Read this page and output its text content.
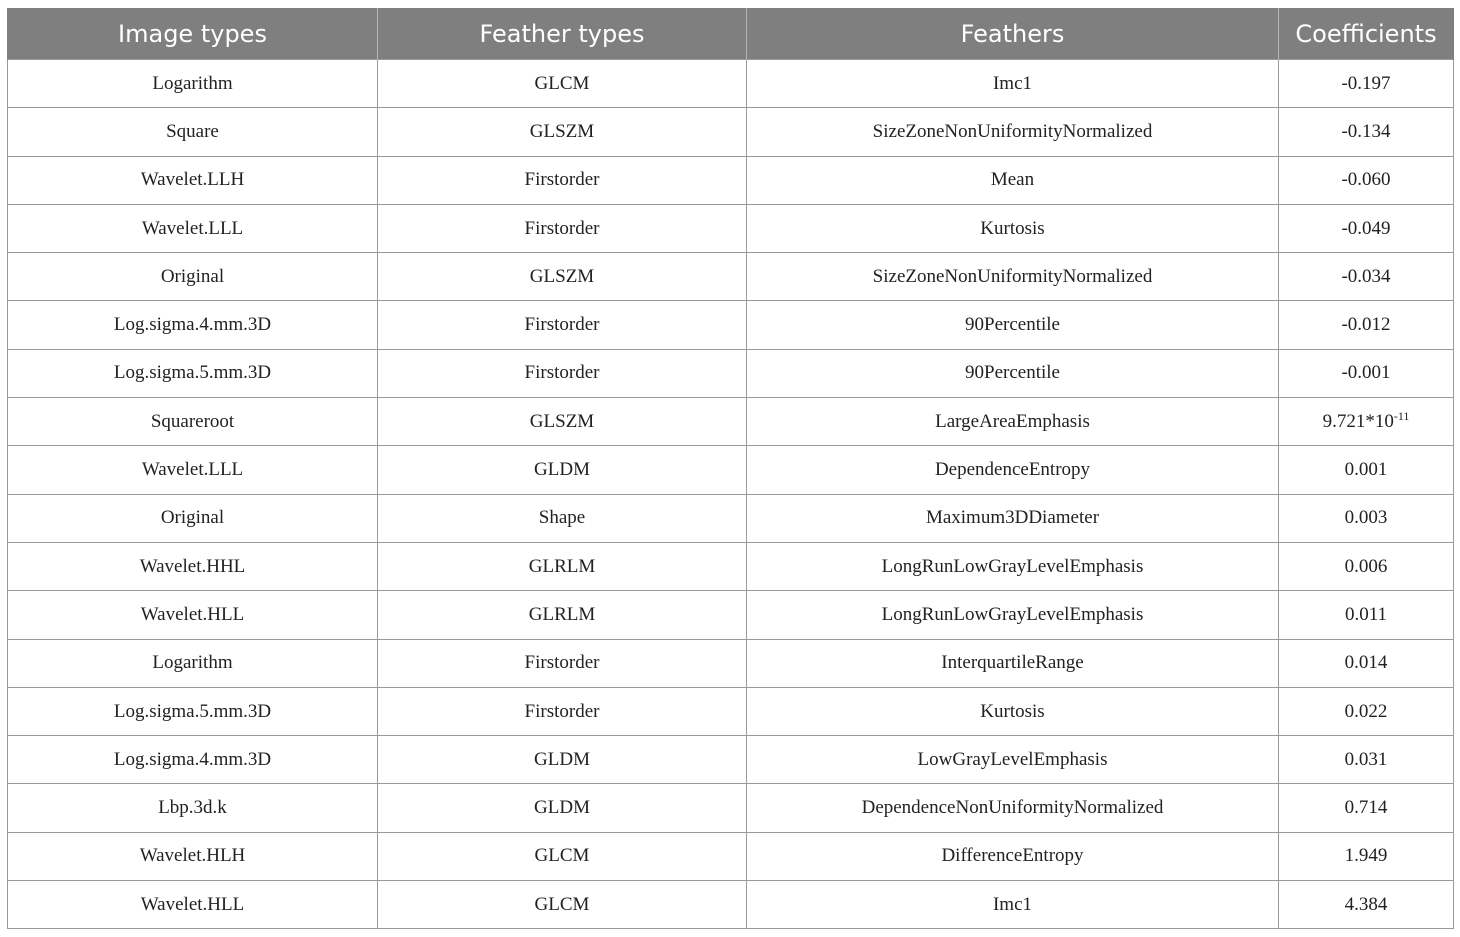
Image types	Feather types	Feathers	Coefficients
Logarithm	GLCM	Imc1	-0.197
Square	GLSZM	SizeZoneNonUniformityNormalized	-0.134
Wavelet.LLH	Firstorder	Mean	-0.060
Wavelet.LLL	Firstorder	Kurtosis	-0.049
Original	GLSZM	SizeZoneNonUniformityNormalized	-0.034
Log.sigma.4.mm.3D	Firstorder	90Percentile	-0.012
Log.sigma.5.mm.3D	Firstorder	90Percentile	-0.001
Squareroot	GLSZM	LargeAreaEmphasis	$9.721*10^{-11}$
Wavelet.LLL	GLDM	DependenceEntropy	0.001
Original	Shape	Maximum3DDiameter	0.003
Wavelet.HHL	GLRLM	LongRunLowGrayLevelEmphasis	0.006
Wavelet.HLL	GLRLM	LongRunLowGrayLevelEmphasis	0.011
Logarithm	Firstorder	InterquartileRange	0.014
Log.sigma.5.mm.3D	Firstorder	Kurtosis	0.022
Log.sigma.4.mm.3D	GLDM	LowGrayLevelEmphasis	0.031
Lbp.3d.k	GLDM	DependenceNonUniformityNormalized	0.714
Wavelet.HLH	GLCM	DifferenceEntropy	1.949
Wavelet.HLL	GLCM	Imc1	4.384
